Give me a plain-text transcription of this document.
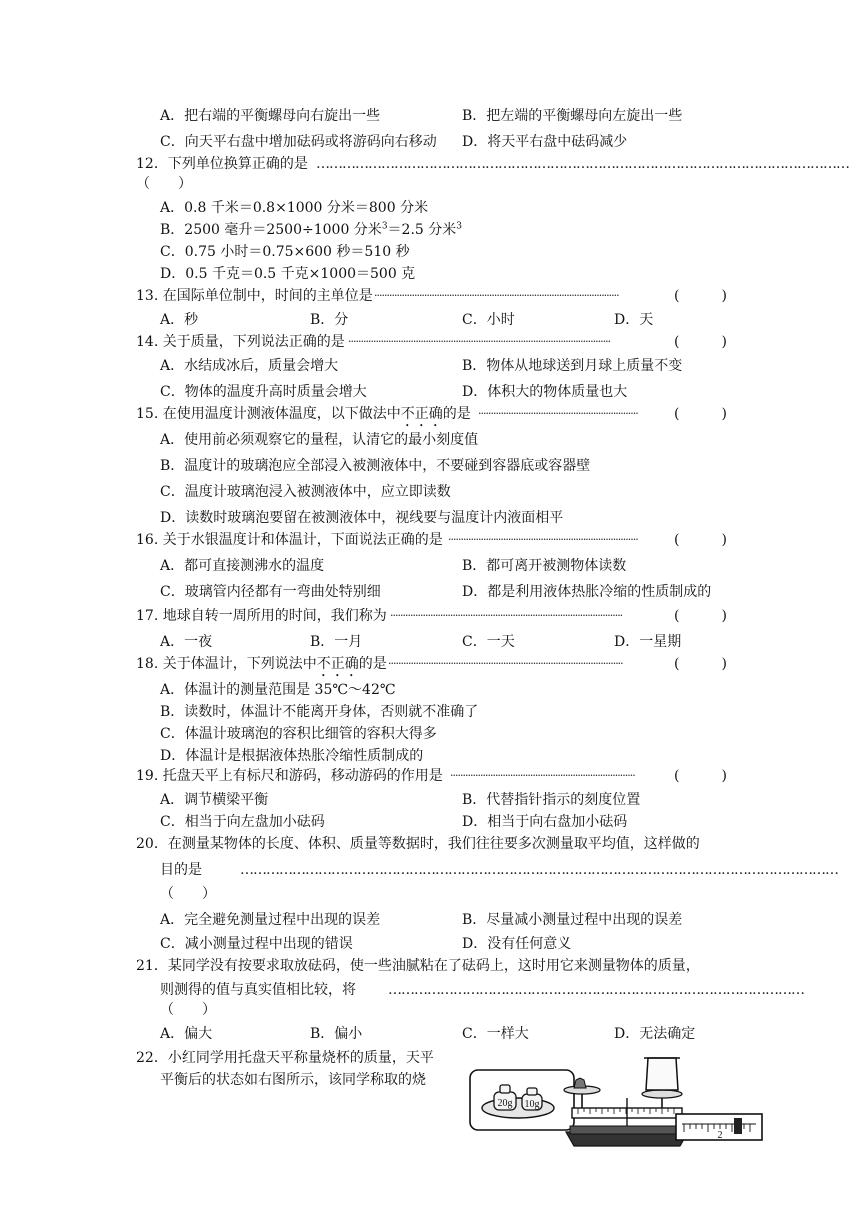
A．把右端的平衡螺母向右旋出一些	B．把左端的平衡螺母向左旋出一些
C．向天平右盘中增加砝码或将游码向右移动 D．将天平右盘中砝码减少
12．下列单位换算正确的是 ……………………………………………………………………………………………………………
（　　）
A．0.8 千米＝0.8×1000 分米＝800 分米
B．2500 毫升＝2500÷1000 分米$^3$＝2.5 分米$^3$
C．0.75 小时＝0.75×600 秒＝510 秒
D．0.5 千克＝0.5 千克×1000＝500 克
13. 在国际单位制中，时间的主单位是 ··································································································	(　　　)
A．秒	B．分	C．小时	D．天
14. 关于质量，下列说法正确的是 ·········································································································	(　　　)
A．水结成冰后，质量会增大	B．物体从地球送到月球上质量不变
C．物体的温度升高时质量会增大	D．体积大的物体质量也大
15. 在使用温度计测液体温度，以下做法中不正确的是 ································································	(　　　)
A．使用前必须观察它的量程，认清它的最小刻度值
B．温度计的玻璃泡应全部浸入被测液体中，不要碰到容器底或容器壁
C．温度计玻璃泡浸入被测液体中，应立即读数
D．读数时玻璃泡要留在被测液体中，视线要与温度计内液面相平
16. 关于水银温度计和体温计，下面说法正确的是 ············································································	(　　　)
A．都可直接测沸水的温度	B．都可离开被测物体读数
C．玻璃管内径都有一弯曲处特别细	D．都是利用液体热胀冷缩的性质制成的
17. 地球自转一周所用的时间，我们称为 ·····························································································	(　　　)
A．一夜	B．一月	C．一天	D．一星期
18. 关于体温计，下列说法中不正确的是 ······························································································	(　　　)
A．体温计的测量范围是 35℃～42℃
B．读数时，体温计不能离开身体，否则就不准确了
C．体温计玻璃泡的容积比细管的容积大得多
D．体温计是根据液体热胀冷缩性质制成的
19. 托盘天平上有标尺和游码，移动游码的作用是 ··········································································	(　　　)
A．调节横梁平衡	B．代替指针指示的刻度位置
C．相当于向左盘加小砝码	D．相当于向右盘加小砝码
20．在测量某物体的长度、体积、质量等数据时，我们往往要多次测量取平均值，这样做的
目的是	…………………………………………………………………………………………………………………………
（　　）
A．完全避免测量过程中出现的误差	B．尽量减小测量过程中出现的误差
C．减小测量过程中出现的错误	D．没有任何意义
21．某同学没有按要求取放砝码，使一些油腻粘在了砝码上，这时用它来测量物体的质量，
则测得的值与真实值相比较，将 ……………………………………………………………………………………
（　　）
A．偏大	B．偏小	C．一样大	D．无法确定
22．小红同学用托盘天平称量烧杯的质量，天平
平衡后的状态如右图所示，该同学称取的烧
20g 10g
2
